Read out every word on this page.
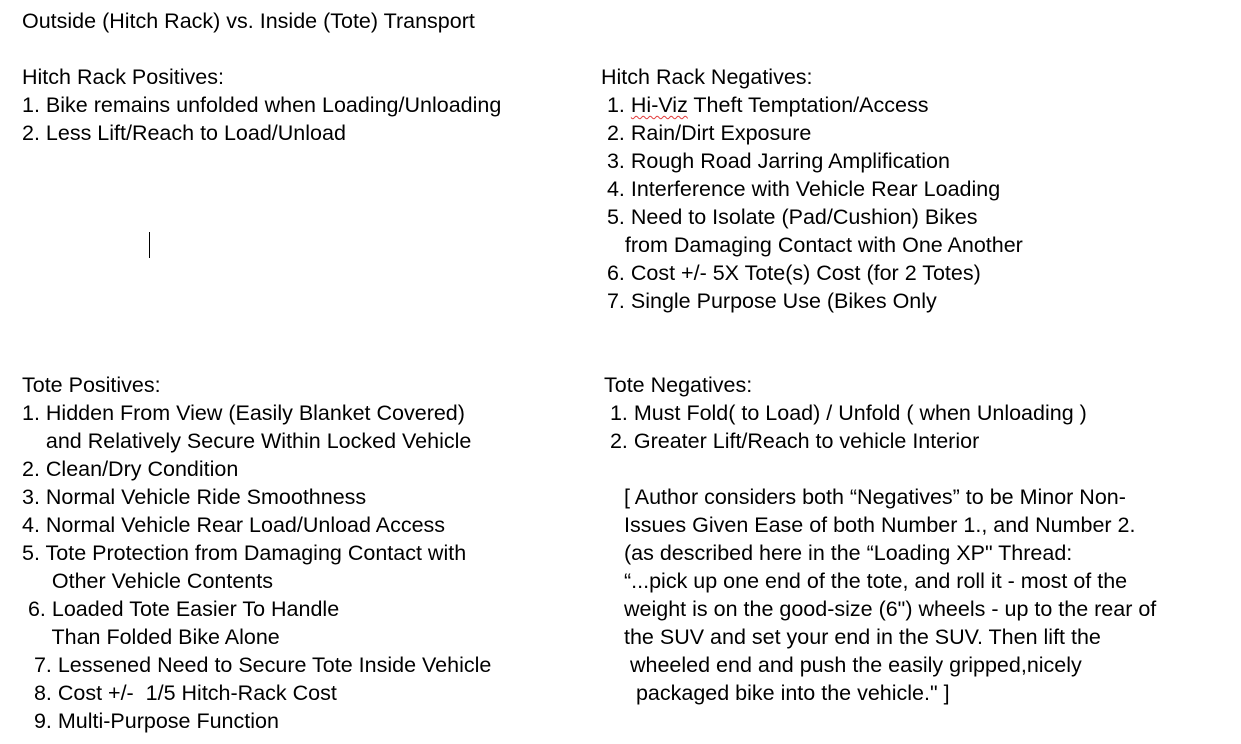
Outside (Hitch Rack) vs. Inside (Tote) Transport
Hitch Rack Positives:
1. Bike remains unfolded when Loading/Unloading
2. Less Lift/Reach to Load/Unload
Hitch Rack Negatives:
1. Hi-Viz Theft Temptation/Access
2. Rain/Dirt Exposure
3. Rough Road Jarring Amplification
4. Interference with Vehicle Rear Loading
5. Need to Isolate (Pad/Cushion) Bikes
from Damaging Contact with One Another
6. Cost +/- 5X Tote(s) Cost (for 2 Totes)
7. Single Purpose Use (Bikes Only
Tote Positives:
1. Hidden From View (Easily Blanket Covered)
and Relatively Secure Within Locked Vehicle
2. Clean/Dry Condition
3. Normal Vehicle Ride Smoothness
4. Normal Vehicle Rear Load/Unload Access
5. Tote Protection from Damaging Contact with
Other Vehicle Contents
6. Loaded Tote Easier To Handle
Than Folded Bike Alone
7. Lessened Need to Secure Tote Inside Vehicle
8. Cost +/-  1/5 Hitch-Rack Cost
9. Multi-Purpose Function
Tote Negatives:
1. Must Fold( to Load) / Unfold ( when Unloading )
2. Greater Lift/Reach to vehicle Interior
[ Author considers both “Negatives” to be Minor Non-
Issues Given Ease of both Number 1., and Number 2.
(as described here in the “Loading XP" Thread:
“...pick up one end of the tote, and roll it - most of the
weight is on the good-size (6") wheels - up to the rear of
the SUV and set your end in the SUV. Then lift the
wheeled end and push the easily gripped,nicely
packaged bike into the vehicle." ]
